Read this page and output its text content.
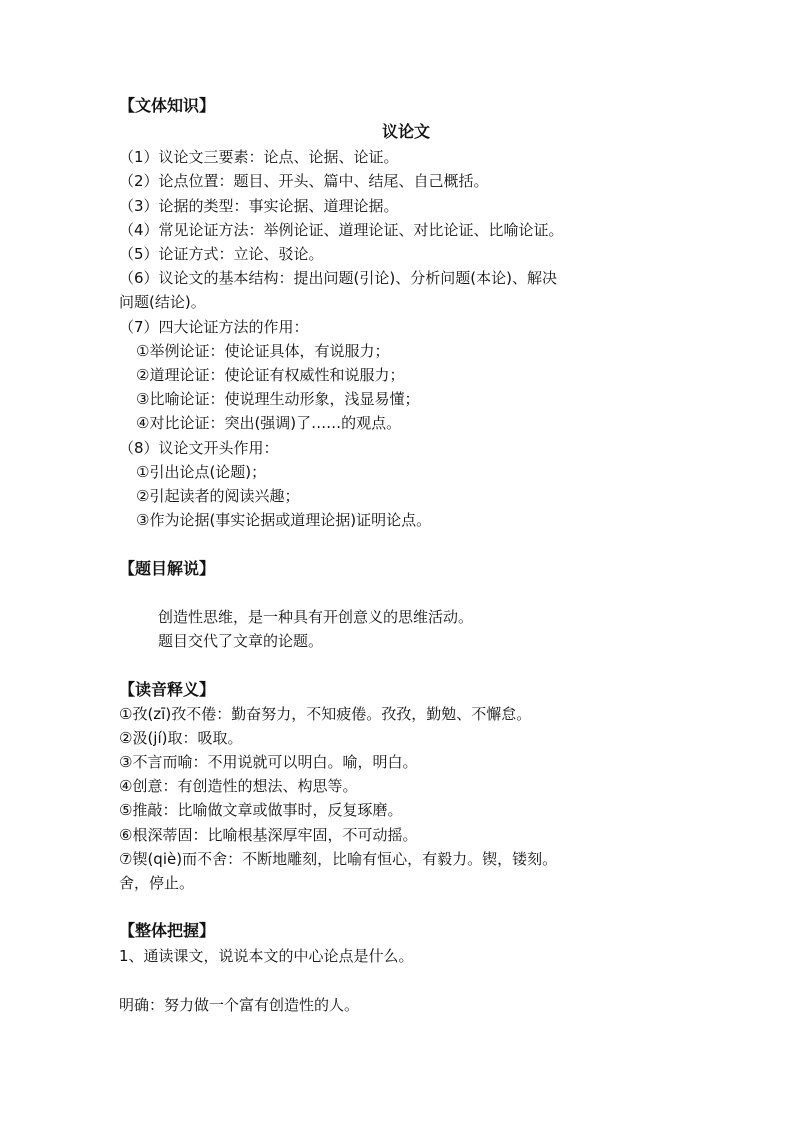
【文体知识】
议论文
（1）议论文三要素：论点、论据、论证。
（2）论点位置：题目、开头、篇中、结尾、自己概括。
（3）论据的类型：事实论据、道理论据。
（4）常见论证方法：举例论证、道理论证、对比论证、比喻论证。
（5）论证方式：立论、驳论。
（6）议论文的基本结构：提出问题(引论)、分析问题(本论)、解决
问题(结论)。
（7）四大论证方法的作用：
①举例论证：使论证具体，有说服力；
②道理论证：使论证有权威性和说服力；
③比喻论证：使说理生动形象，浅显易懂；
④对比论证：突出(强调)了……的观点。
（8）议论文开头作用：
①引出论点(论题)；
②引起读者的阅读兴趣；
③作为论据(事实论据或道理论据)证明论点。
【题目解说】
创造性思维，是一种具有开创意义的思维活动。
题目交代了文章的论题。
【读音释义】
①孜(zī)孜不倦：勤奋努力，不知疲倦。孜孜，勤勉、不懈怠。
②汲(jí)取：吸取。
③不言而喻：不用说就可以明白。喻，明白。
④创意：有创造性的想法、构思等。
⑤推敲：比喻做文章或做事时，反复琢磨。
⑥根深蒂固：比喻根基深厚牢固，不可动摇。
⑦锲(qiè)而不舍：不断地雕刻，比喻有恒心，有毅力。锲，镂刻。
舍，停止。
【整体把握】
1、通读课文，说说本文的中心论点是什么。
明确：努力做一个富有创造性的人。
